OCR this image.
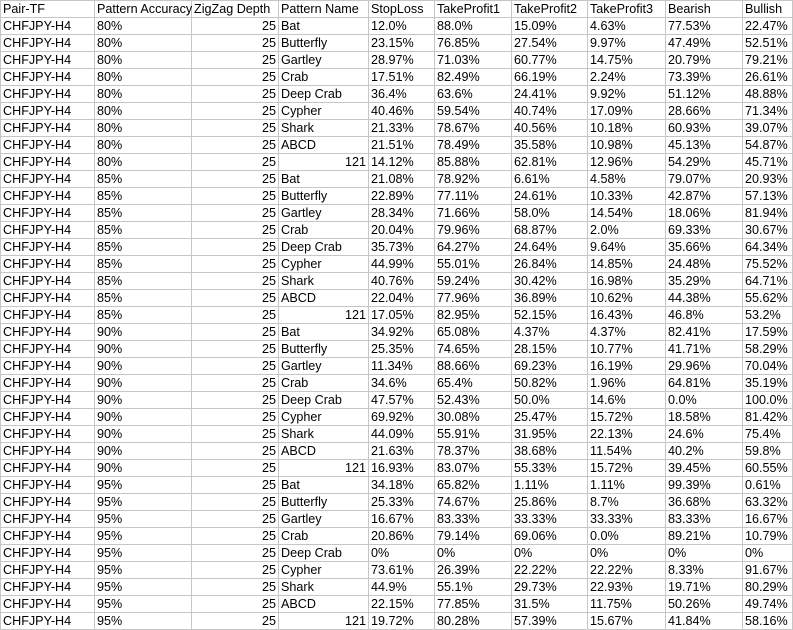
Pair-TF	Pattern Accuracy	ZigZag Depth	Pattern Name	StopLoss	TakeProfit1	TakeProfit2	TakeProfit3	Bearish	Bullish
CHFJPY-H4	80%	25	Bat	12.0%	88.0%	15.09%	4.63%	77.53%	22.47%
CHFJPY-H4	80%	25	Butterfly	23.15%	76.85%	27.54%	9.97%	47.49%	52.51%
CHFJPY-H4	80%	25	Gartley	28.97%	71.03%	60.77%	14.75%	20.79%	79.21%
CHFJPY-H4	80%	25	Crab	17.51%	82.49%	66.19%	2.24%	73.39%	26.61%
CHFJPY-H4	80%	25	Deep Crab	36.4%	63.6%	24.41%	9.92%	51.12%	48.88%
CHFJPY-H4	80%	25	Cypher	40.46%	59.54%	40.74%	17.09%	28.66%	71.34%
CHFJPY-H4	80%	25	Shark	21.33%	78.67%	40.56%	10.18%	60.93%	39.07%
CHFJPY-H4	80%	25	ABCD	21.51%	78.49%	35.58%	10.98%	45.13%	54.87%
CHFJPY-H4	80%	25	121	14.12%	85.88%	62.81%	12.96%	54.29%	45.71%
CHFJPY-H4	85%	25	Bat	21.08%	78.92%	6.61%	4.58%	79.07%	20.93%
CHFJPY-H4	85%	25	Butterfly	22.89%	77.11%	24.61%	10.33%	42.87%	57.13%
CHFJPY-H4	85%	25	Gartley	28.34%	71.66%	58.0%	14.54%	18.06%	81.94%
CHFJPY-H4	85%	25	Crab	20.04%	79.96%	68.87%	2.0%	69.33%	30.67%
CHFJPY-H4	85%	25	Deep Crab	35.73%	64.27%	24.64%	9.64%	35.66%	64.34%
CHFJPY-H4	85%	25	Cypher	44.99%	55.01%	26.84%	14.85%	24.48%	75.52%
CHFJPY-H4	85%	25	Shark	40.76%	59.24%	30.42%	16.98%	35.29%	64.71%
CHFJPY-H4	85%	25	ABCD	22.04%	77.96%	36.89%	10.62%	44.38%	55.62%
CHFJPY-H4	85%	25	121	17.05%	82.95%	52.15%	16.43%	46.8%	53.2%
CHFJPY-H4	90%	25	Bat	34.92%	65.08%	4.37%	4.37%	82.41%	17.59%
CHFJPY-H4	90%	25	Butterfly	25.35%	74.65%	28.15%	10.77%	41.71%	58.29%
CHFJPY-H4	90%	25	Gartley	11.34%	88.66%	69.23%	16.19%	29.96%	70.04%
CHFJPY-H4	90%	25	Crab	34.6%	65.4%	50.82%	1.96%	64.81%	35.19%
CHFJPY-H4	90%	25	Deep Crab	47.57%	52.43%	50.0%	14.6%	0.0%	100.0%
CHFJPY-H4	90%	25	Cypher	69.92%	30.08%	25.47%	15.72%	18.58%	81.42%
CHFJPY-H4	90%	25	Shark	44.09%	55.91%	31.95%	22.13%	24.6%	75.4%
CHFJPY-H4	90%	25	ABCD	21.63%	78.37%	38.68%	11.54%	40.2%	59.8%
CHFJPY-H4	90%	25	121	16.93%	83.07%	55.33%	15.72%	39.45%	60.55%
CHFJPY-H4	95%	25	Bat	34.18%	65.82%	1.11%	1.11%	99.39%	0.61%
CHFJPY-H4	95%	25	Butterfly	25.33%	74.67%	25.86%	8.7%	36.68%	63.32%
CHFJPY-H4	95%	25	Gartley	16.67%	83.33%	33.33%	33.33%	83.33%	16.67%
CHFJPY-H4	95%	25	Crab	20.86%	79.14%	69.06%	0.0%	89.21%	10.79%
CHFJPY-H4	95%	25	Deep Crab	0%	0%	0%	0%	0%	0%
CHFJPY-H4	95%	25	Cypher	73.61%	26.39%	22.22%	22.22%	8.33%	91.67%
CHFJPY-H4	95%	25	Shark	44.9%	55.1%	29.73%	22.93%	19.71%	80.29%
CHFJPY-H4	95%	25	ABCD	22.15%	77.85%	31.5%	11.75%	50.26%	49.74%
CHFJPY-H4	95%	25	121	19.72%	80.28%	57.39%	15.67%	41.84%	58.16%
